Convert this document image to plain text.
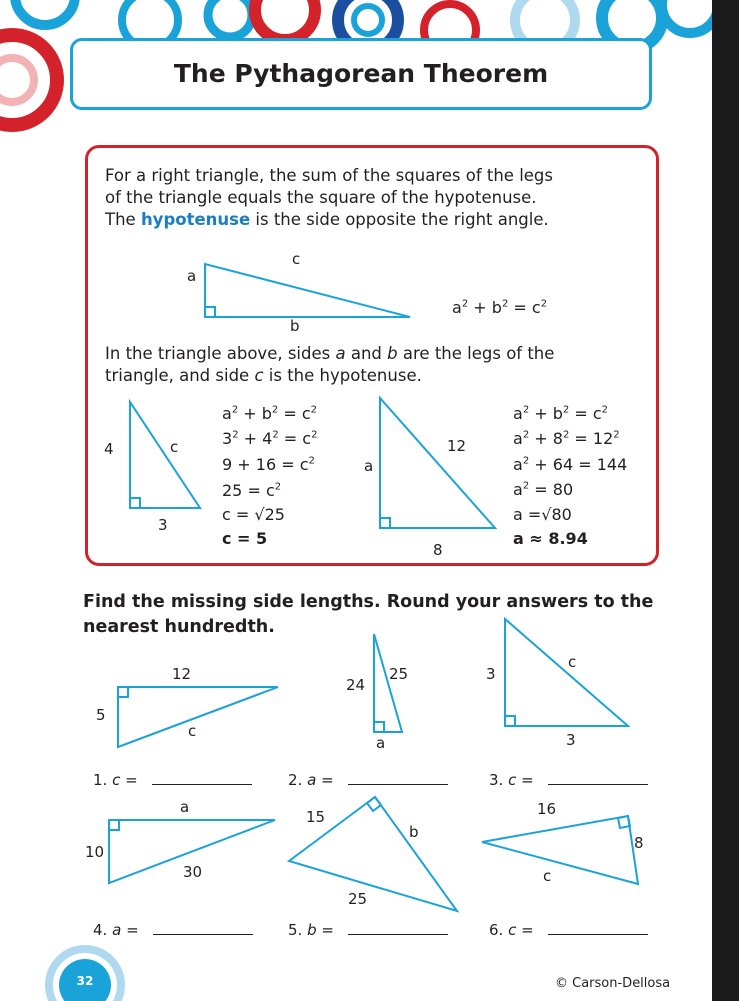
The Pythagorean Theorem
For a right triangle, the sum of the squares of the legs
of the triangle equals the square of the hypotenuse.
The hypotenuse is the side opposite the right angle.
a
c
b
$a^2 + b^2 = c^2$
In the triangle above, sides a and b are the legs of the
triangle, and side c is the hypotenuse.
4	c
3
$a^2 + b^2 = c^2$
$3^2 + 4^2 = c^2$
$9 + 16 = c^2$
$25 = c^2$
c = √25
c = 5
a
12
8
$a^2 + b^2 = c^2$
$a^2 + 8^2 = 12^2$
$a^2 + 64 = 144$
$a^2 = 80$
a =√80
a ≈ 8.94
Find the missing side lengths. Round your answers to the nearest hundredth.
12
5
c
24
25
a
3
c
3
1. c =	2. a =	3. c =
a
10
30
15
b
25
16
8
c
4. a =	5. b =	6. c =
32	© Carson-Dellosa
